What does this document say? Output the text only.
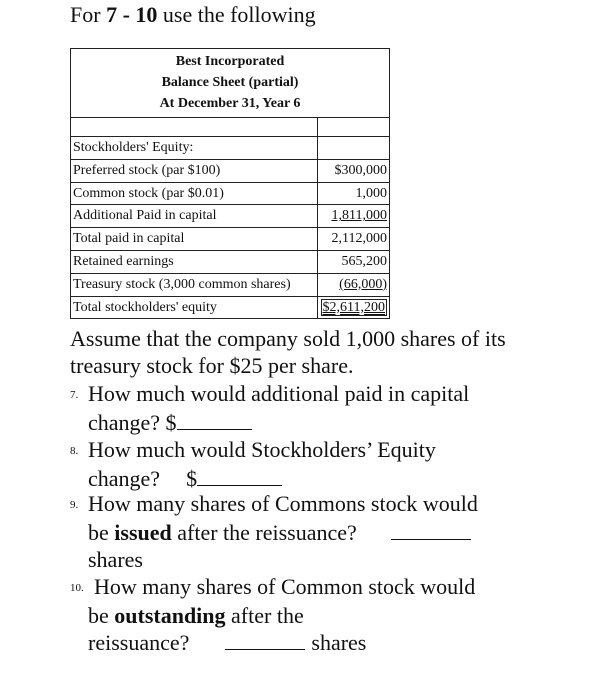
For 7 - 10 use the following
Best Incorporated
Balance Sheet (partial)
At December 31, Year 6
Stockholders' Equity:
Preferred stock (par $100)	$300,000
Common stock (par $0.01)	1,000
Additional Paid in capital	1,811,000
Total paid in capital	2,112,000
Retained earnings	565,200
Treasury stock (3,000 common shares)	(66,000)
Total stockholders' equity	$2,611,200
Assume that the company sold 1,000 shares of its treasury stock for $25 per share.
7. How much would additional paid in capital
change? $
8. How much would Stockholders’ Equity
change? $
9. How many shares of Commons stock would
be issued after the reissuance?
shares
10. How many shares of Common stock would
be outstanding after the
reissuance?	shares
